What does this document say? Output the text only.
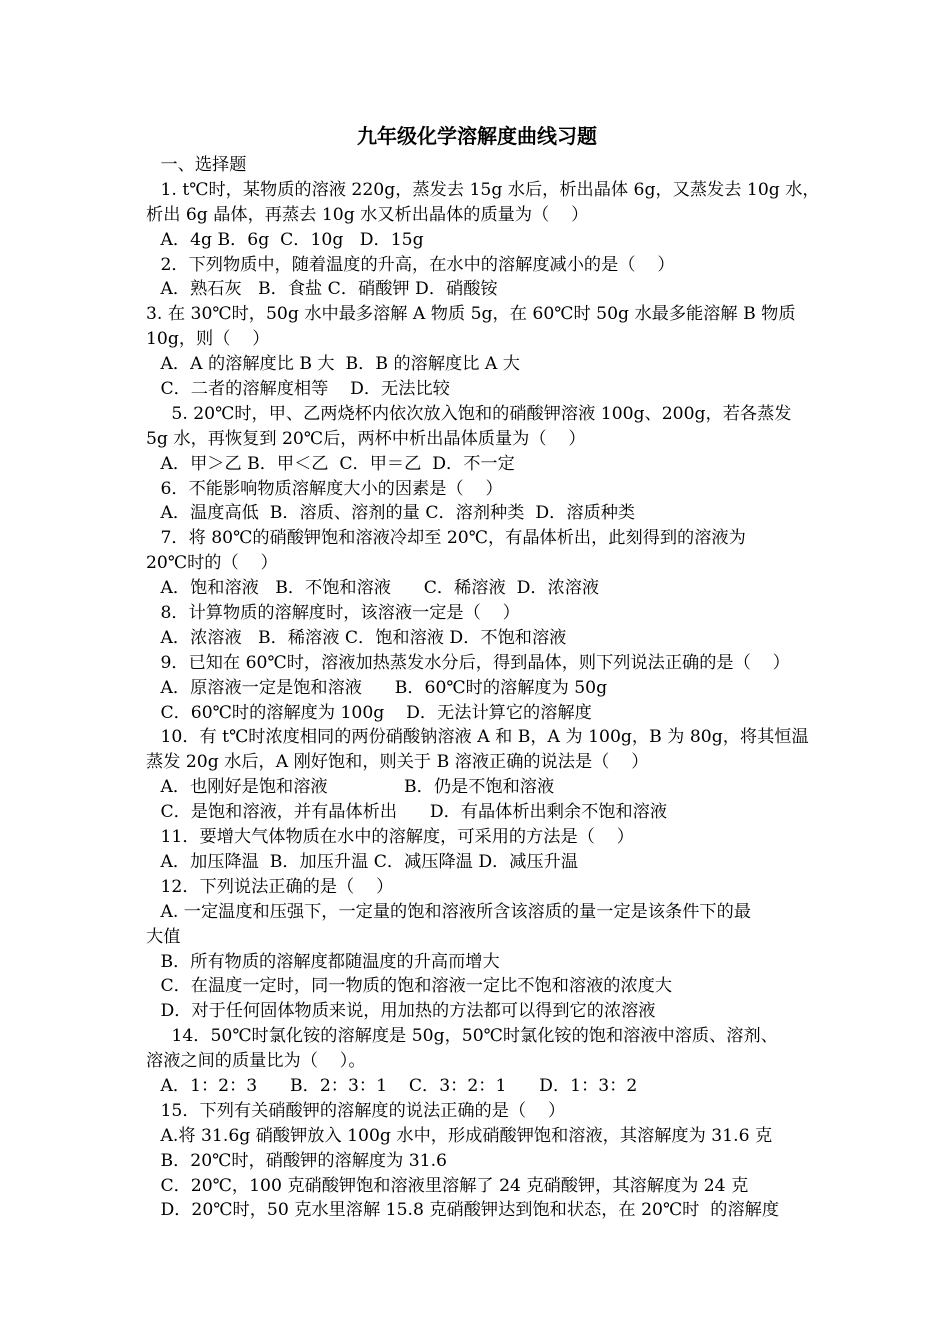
九年级化学溶解度曲线习题
一、选择题
1. t℃时，某物质的溶液 220g，蒸发去 15g 水后，析出晶体 6g，又蒸发去 10g 水，
析出 6g 晶体，再蒸去 10g 水又析出晶体的质量为（    ）
A．4g B．6g  C．10g   D．15g
2．下列物质中，随着温度的升高，在水中的溶解度减小的是（    ）
A．熟石灰   B．食盐 C．硝酸钾 D．硝酸铵
3. 在 30℃时，50g 水中最多溶解 A 物质 5g，在 60℃时 50g 水最多能溶解 B 物质
10g，则（    ）
A．A 的溶解度比 B 大  B．B 的溶解度比 A 大
C．二者的溶解度相等    D．无法比较
5. 20℃时，甲、乙两烧杯内依次放入饱和的硝酸钾溶液 100g、200g，若各蒸发
5g 水，再恢复到 20℃后，两杯中析出晶体质量为（    ）
A．甲＞乙 B．甲＜乙  C．甲＝乙  D．不一定
6．不能影响物质溶解度大小的因素是（    ）
A．温度高低  B．溶质、溶剂的量 C．溶剂种类  D．溶质种类
7．将 80℃的硝酸钾饱和溶液冷却至 20℃，有晶体析出，此刻得到的溶液为
20℃时的（    ）
A．饱和溶液   B．不饱和溶液      C．稀溶液  D．浓溶液
8．计算物质的溶解度时，该溶液一定是（    ）
A．浓溶液   B．稀溶液 C．饱和溶液 D．不饱和溶液
9．已知在 60℃时，溶液加热蒸发水分后，得到晶体，则下列说法正确的是（    ）
A．原溶液一定是饱和溶液      B．60℃时的溶解度为 50g
C．60℃时的溶解度为 100g    D．无法计算它的溶解度
10．有 t℃时浓度相同的两份硝酸钠溶液 A 和 B，A 为 100g，B 为 80g，将其恒温
蒸发 20g 水后，A 刚好饱和，则关于 B 溶液正确的说法是（    ）
A．也刚好是饱和溶液              B．仍是不饱和溶液
C．是饱和溶液，并有晶体析出      D．有晶体析出剩余不饱和溶液
11．要增大气体物质在水中的溶解度，可采用的方法是（    ）
A．加压降温  B．加压升温 C．减压降温 D．减压升温
12．下列说法正确的是（    ）
A. 一定温度和压强下，一定量的饱和溶液所含该溶质的量一定是该条件下的最
大值
B．所有物质的溶解度都随温度的升高而增大
C．在温度一定时，同一物质的饱和溶液一定比不饱和溶液的浓度大
D．对于任何固体物质来说，用加热的方法都可以得到它的浓溶液
14．50℃时氯化铵的溶解度是 50g，50℃时氯化铵的饱和溶液中溶质、溶剂、
溶液之间的质量比为（    ）。
A．1：2：3      B．2：3：1    C．3：2：1      D．1：3：2
15．下列有关硝酸钾的溶解度的说法正确的是（    ）
A.将 31.6g 硝酸钾放入 100g 水中，形成硝酸钾饱和溶液，其溶解度为 31.6 克
B．20℃时，硝酸钾的溶解度为 31.6
C．20℃，100 克硝酸钾饱和溶液里溶解了 24 克硝酸钾，其溶解度为 24 克
D．20℃时，50 克水里溶解 15.8 克硝酸钾达到饱和状态，在 20℃时  的溶解度
